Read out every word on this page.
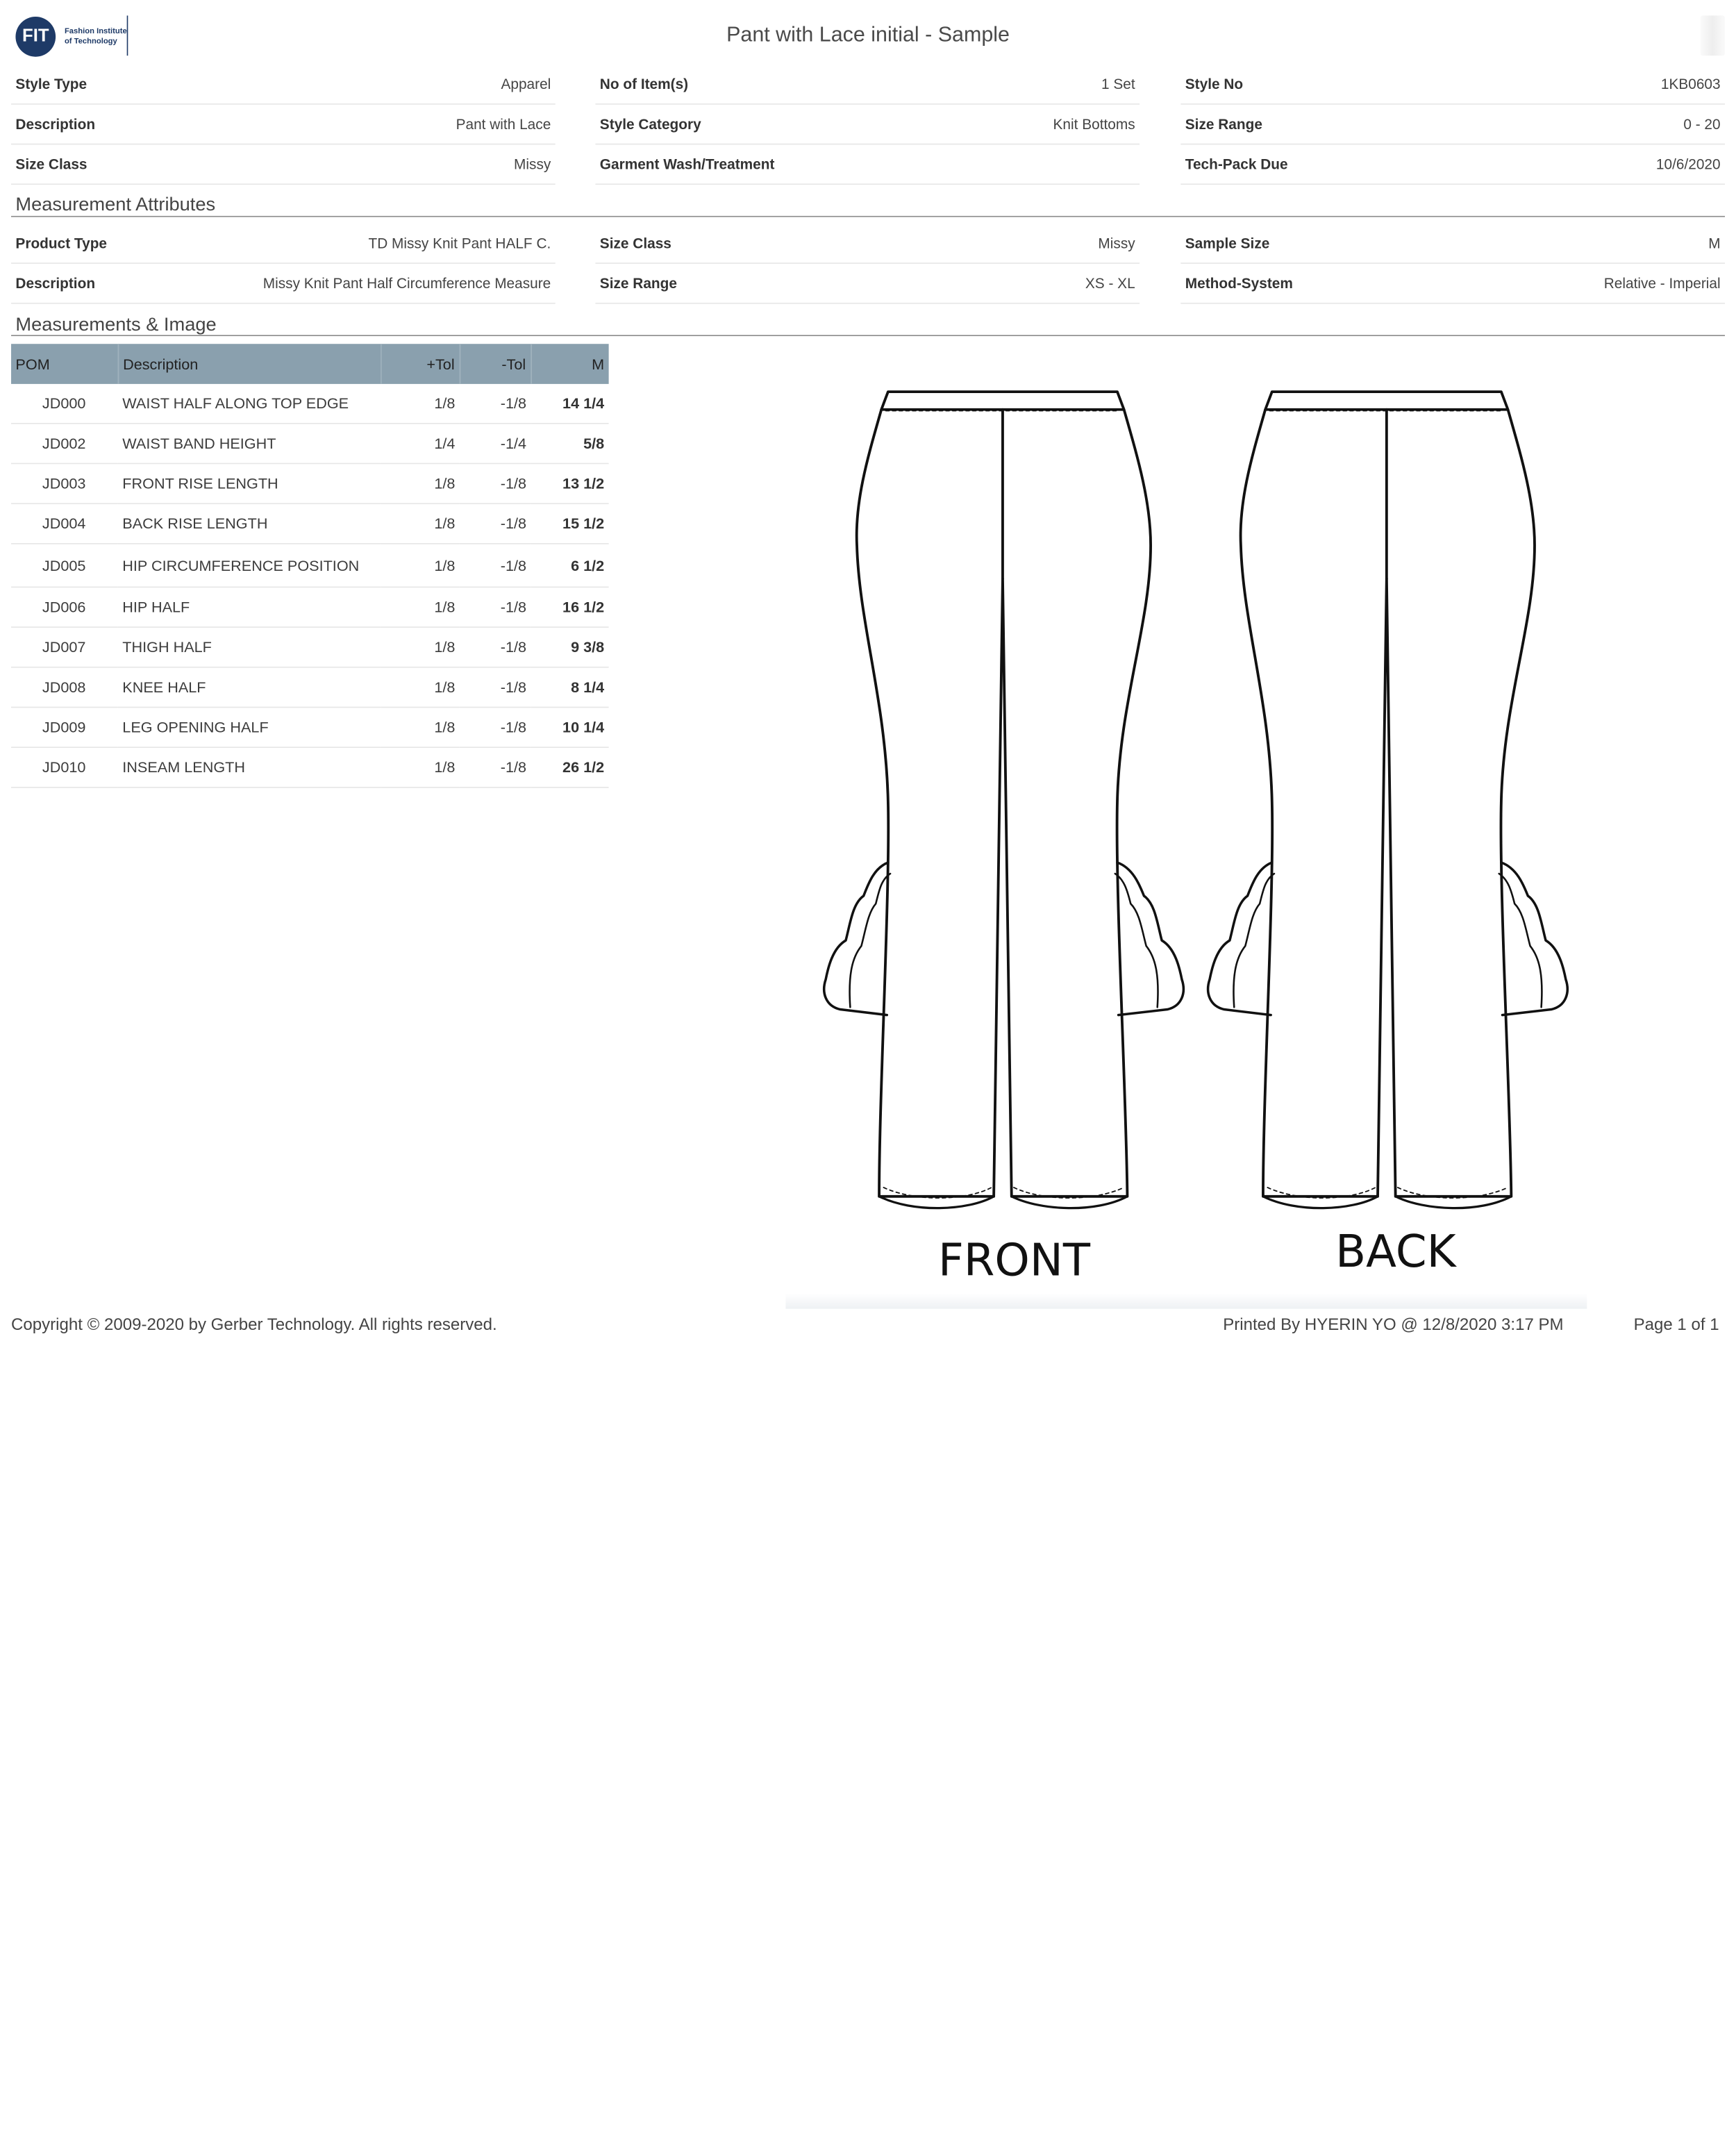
FIT	Fashion Institute
of Technology	Pant with Lace initial - Sample
Style Type	Apparel
Description	Pant with Lace
Size Class	Missy
No of Item(s)	1 Set
Style Category	Knit Bottoms
Garment Wash/Treatment
Style No	1KB0603
Size Range	0 - 20
Tech-Pack Due	10/6/2020
Measurement Attributes
Product Type	TD Missy Knit Pant HALF C.
Description	Missy Knit Pant Half Circumference Measure
Size Class	Missy
Size Range	XS - XL
Sample Size	M
Method-System	Relative - Imperial
Measurements & Image
POM	Description	+Tol	-Tol	M
JD000	WAIST HALF ALONG TOP EDGE	1/8	-1/8	14 1/4
JD002	WAIST BAND HEIGHT	1/4	-1/4	5/8
JD003	FRONT RISE LENGTH	1/8	-1/8	13 1/2
JD004	BACK RISE LENGTH	1/8	-1/8	15 1/2
JD005	HIP CIRCUMFERENCE POSITION	1/8	-1/8	6 1/2
JD006	HIP HALF	1/8	-1/8	16 1/2
JD007	THIGH HALF	1/8	-1/8	9 3/8
JD008	KNEE HALF	1/8	-1/8	8 1/4
JD009	LEG OPENING HALF	1/8	-1/8	10 1/4
JD010	INSEAM LENGTH	1/8	-1/8	26 1/2
FRONT	BACK
Copyright © 2009-2020 by Gerber Technology. All rights reserved.	Printed By HYERIN YO @ 12/8/2020 3:17 PM	Page 1 of 1
